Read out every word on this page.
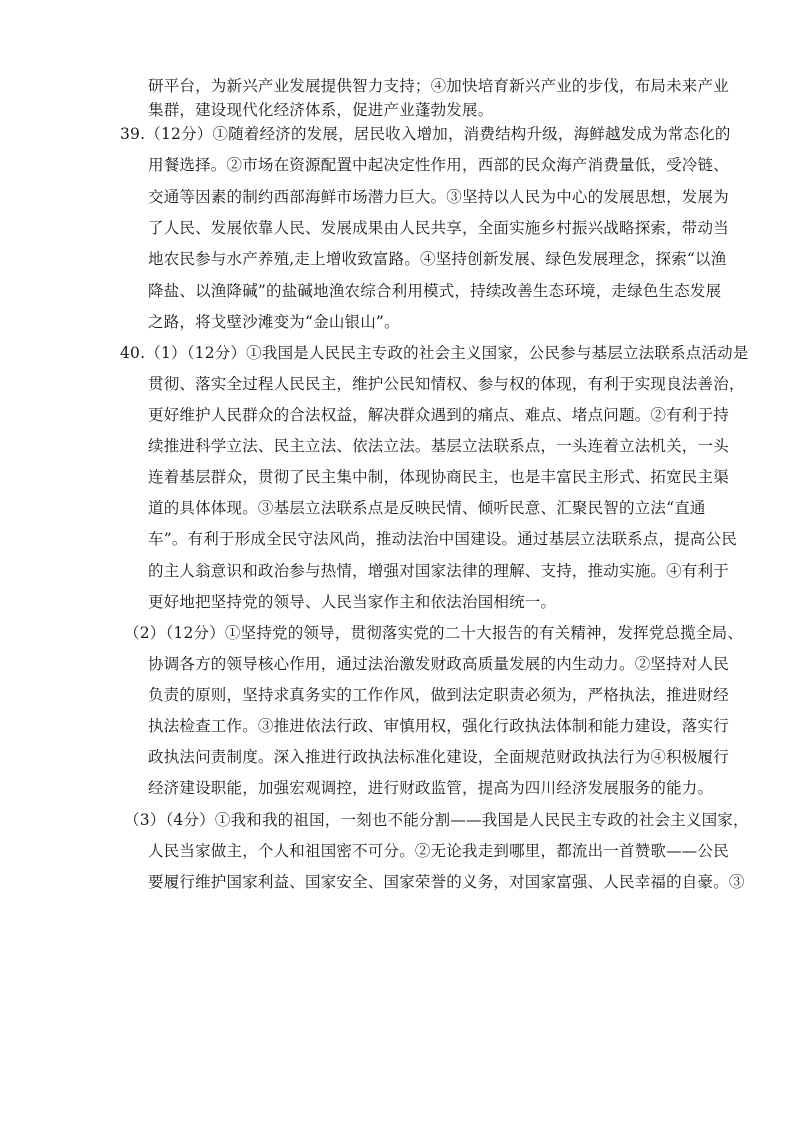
研平台，为新兴产业发展提供智力支持；④加快培育新兴产业的步伐，布局未来产业
集群，建设现代化经济体系，促进产业蓬勃发展。
39.（12分）①随着经济的发展，居民收入增加，消费结构升级，海鲜越发成为常态化的
用餐选择。②市场在资源配置中起决定性作用，西部的民众海产消费量低，受冷链、
交通等因素的制约西部海鲜市场潜力巨大。③坚持以人民为中心的发展思想，发展为
了人民、发展依靠人民、发展成果由人民共享，全面实施乡村振兴战略探索，带动当
地农民参与水产养殖,走上增收致富路。④坚持创新发展、绿色发展理念，探索“以渔
降盐、以渔降碱”的盐碱地渔农综合利用模式，持续改善生态环境，走绿色生态发展
之路，将戈壁沙滩变为“金山银山”。
40.（1）（12分）①我国是人民民主专政的社会主义国家，公民参与基层立法联系点活动是
贯彻、落实全过程人民民主，维护公民知情权、参与权的体现，有利于实现良法善治，
更好维护人民群众的合法权益，解决群众遇到的痛点、难点、堵点问题。②有利于持
续推进科学立法、民主立法、依法立法。基层立法联系点，一头连着立法机关，一头
连着基层群众，贯彻了民主集中制，体现协商民主，也是丰富民主形式、拓宽民主渠
道的具体体现。③基层立法联系点是反映民情、倾听民意、汇聚民智的立法“直通
车”。有利于形成全民守法风尚，推动法治中国建设。通过基层立法联系点，提高公民
的主人翁意识和政治参与热情，增强对国家法律的理解、支持，推动实施。④有利于
更好地把坚持党的领导、人民当家作主和依法治国相统一。
（2）（12分）①坚持党的领导，贯彻落实党的二十大报告的有关精神，发挥党总揽全局、
协调各方的领导核心作用，通过法治激发财政高质量发展的内生动力。②坚持对人民
负责的原则，坚持求真务实的工作作风，做到法定职责必须为，严格执法，推进财经
执法检查工作。③推进依法行政、审慎用权，强化行政执法体制和能力建设，落实行
政执法问责制度。深入推进行政执法标准化建设，全面规范财政执法行为④积极履行
经济建设职能，加强宏观调控，进行财政监管，提高为四川经济发展服务的能力。
（3）（4分）①我和我的祖国，一刻也不能分割——我国是人民民主专政的社会主义国家，
人民当家做主，个人和祖国密不可分。②无论我走到哪里，都流出一首赞歌——公民
要履行维护国家利益、国家安全、国家荣誉的义务，对国家富强、人民幸福的自豪。③
